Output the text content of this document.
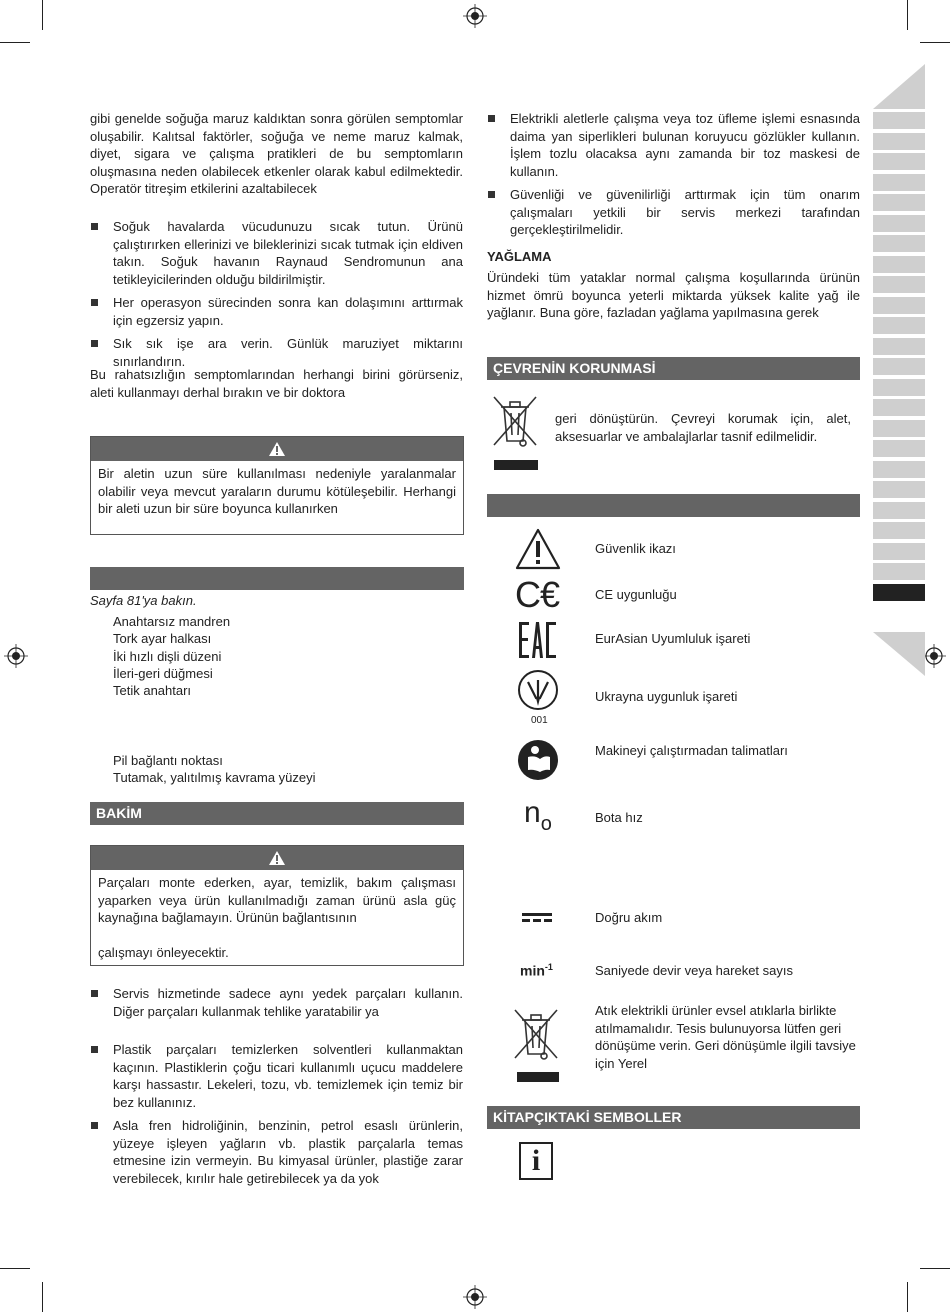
gibi genelde soğuğa maruz kaldıktan sonra görülen semptomlar oluşabilir. Kalıtsal faktörler, soğuğa ve neme maruz kalmak, diyet, sigara ve çalışma pratikleri de bu semptomların oluşmasına neden olabilecek etkenler olarak kabul edilmektedir. Operatör titreşim etkilerini azaltabilecek

Soğuk havalarda vücudunuzu sıcak tutun. Ürünü çalıştırırken ellerinizi ve bileklerinizi sıcak tutmak için eldiven takın. Soğuk havanın Raynaud Sendromunun ana tetikleyicilerinden olduğu bildirilmiştir.
Her operasyon sürecinden sonra kan dolaşımını arttırmak için egzersiz yapın.
Sık sık işe ara verin. Günlük maruziyet miktarını sınırlandırın.

Bu rahatsızlığın semptomlarından herhangi birini görürseniz, aleti kullanmayı derhal bırakın ve bir doktora

Bir aletin uzun süre kullanılması nedeniyle yaralanmalar olabilir veya mevcut yaraların durumu kötüleşebilir. Herhangi bir aleti uzun bir süre boyunca kullanırken
Sayfa 81'ya bakın.
Anahtarsız mandren
Tork ayar halkası
İki hızlı dişli düzeni
İleri-geri düğmesi
Tetik anahtarı
Pil bağlantı noktası
Tutamak, yalıtılmış kavrama yüzeyi
BAKİM
Parçaları monte ederken, ayar, temizlik, bakım çalışması yaparken veya ürün kullanılmadığı zaman ürünü asla güç kaynağına bağlamayın. Ürünün bağlantısının
çalışmayı önleyecektir.
Servis hizmetinde sadece aynı yedek parçaları kullanın. Diğer parçaları kullanmak tehlike yaratabilir ya
Plastik parçaları temizlerken solventleri kullanmaktan kaçının. Plastiklerin çoğu ticari kullanımlı uçucu maddelere karşı hassastır. Lekeleri, tozu, vb. temizlemek için temiz bir bez kullanınız.
Asla fren hidroliğinin, benzinin, petrol esaslı ürünlerin, yüzeye işleyen yağların vb. plastik parçalarla temas etmesine izin vermeyin. Bu kimyasal ürünler, plastiğe zarar verebilecek, kırılır hale getirebilecek ya da yok
Elektrikli aletlerle çalışma veya toz üfleme işlemi esnasında daima yan siperlikleri bulunan koruyucu gözlükler kullanın. İşlem tozlu olacaksa aynı zamanda bir toz maskesi de kullanın.
Güvenliği ve güvenilirliği arttırmak için tüm onarım çalışmaları yetkili bir servis merkezi tarafından gerçekleştirilmelidir.
YAĞLAMA

Üründeki tüm yataklar normal çalışma koşullarında ürünün hizmet ömrü boyunca yeterli miktarda yüksek kalite yağ ile yağlanır. Buna göre, fazladan yağlama yapılmasına gerek

ÇEVRENİN KORUNMASİ

geri dönüştürün. Çevreyi korumak için, alet, aksesuarlar ve ambalajlarlar tasnif edilmelidir.

C€
001
no
$\min^{-1}$
Güvenlik ikazı
CE uygunluğu
EurAsian Uyumluluk işareti
Ukrayna uygunluk işareti
Makineyi çalıştırmadan talimatları
Bota hız
Doğru akım
Saniyede devir veya hareket sayıs
Atık elektrikli ürünler evsel atıklarla birlikte atılmamalıdır. Tesis bulunuyorsa lütfen geri dönüşüme verin. Geri dönüşümle ilgili tavsiye için Yerel
KİTAPÇIKTAKİ SEMBOLLER
i
